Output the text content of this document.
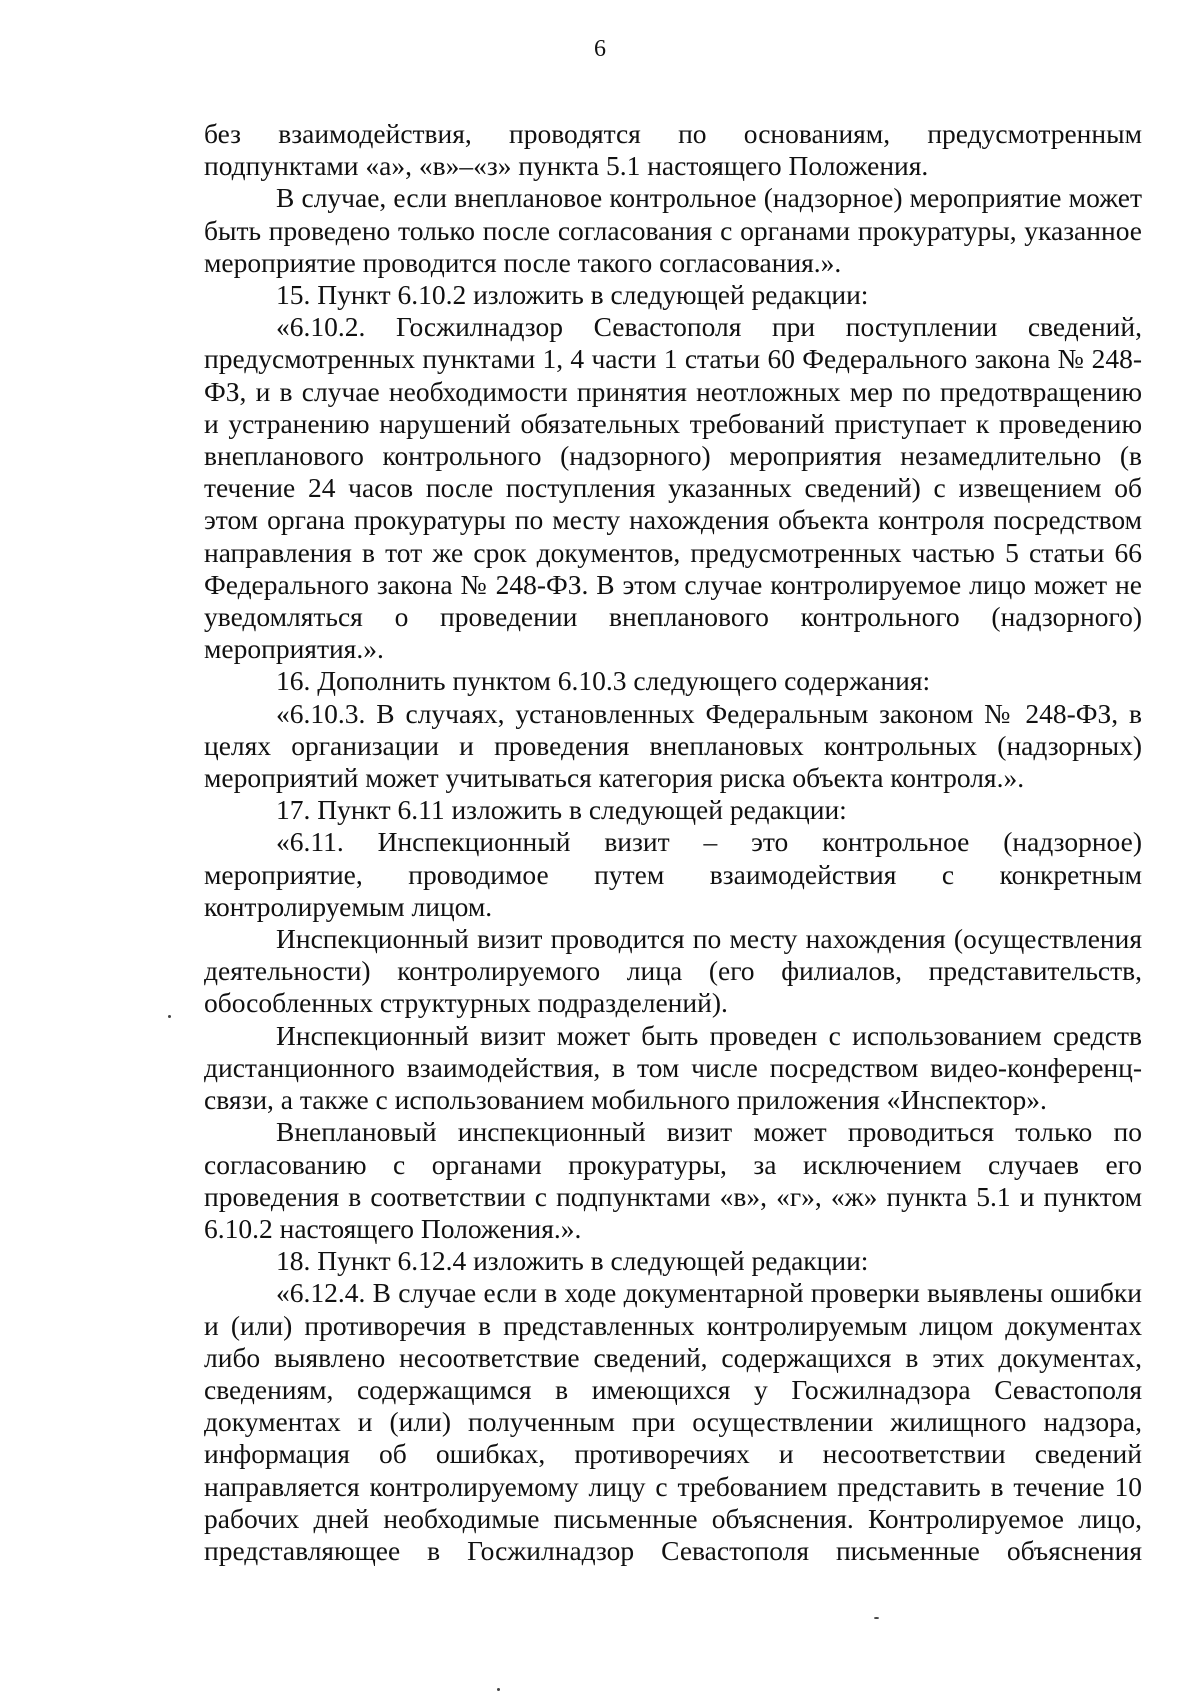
6

без взаимодействия, проводятся по основаниям, предусмотренным подпунктами «а», «в»–«з» пункта 5.1 настоящего Положения.

В случае, если внеплановое контрольное (надзорное) мероприятие может быть проведено только после согласования с органами прокуратуры, указанное мероприятие проводится после такого согласования.».

15. Пункт 6.10.2 изложить в следующей редакции:

«6.10.2. Госжилнадзор Севастополя при поступлении сведений, предусмотренных пунктами 1, 4 части 1 статьи 60 Федерального закона № 248-ФЗ, и в случае необходимости принятия неотложных мер по предотвращению и устранению нарушений обязательных требований приступает к проведению внепланового контрольного (надзорного) мероприятия незамедлительно (в течение 24 часов после поступления указанных сведений) с извещением об этом органа прокуратуры по месту нахождения объекта контроля посредством направления в тот же срок документов, предусмотренных частью 5 статьи 66 Федерального закона № 248-ФЗ. В этом случае контролируемое лицо может не уведомляться о проведении внепланового контрольного (надзорного) мероприятия.».

16. Дополнить пунктом 6.10.3 следующего содержания:

«6.10.3. В случаях, установленных Федеральным законом № 248-ФЗ, в целях организации и проведения внеплановых контрольных (надзорных) мероприятий может учитываться категория риска объекта контроля.».

17. Пункт 6.11 изложить в следующей редакции:

«6.11. Инспекционный визит – это контрольное (надзорное) мероприятие, проводимое путем взаимодействия с конкретным контролируемым лицом.

Инспекционный визит проводится по месту нахождения (осуществления деятельности) контролируемого лица (его филиалов, представительств, обособленных структурных подразделений).

Инспекционный визит может быть проведен с использованием средств дистанционного взаимодействия, в том числе посредством видео-конференц-связи, а также с использованием мобильного приложения «Инспектор».

Внеплановый инспекционный визит может проводиться только по согласованию с органами прокуратуры, за исключением случаев его проведения в соответствии с подпунктами «в», «г», «ж» пункта 5.1 и пунктом 6.10.2 настоящего Положения.».

18. Пункт 6.12.4 изложить в следующей редакции:

«6.12.4. В случае если в ходе документарной проверки выявлены ошибки и (или) противоречия в представленных контролируемым лицом документах либо выявлено несоответствие сведений, содержащихся в этих документах, сведениям, содержащимся в имеющихся у Госжилнадзора Севастополя документах и (или) полученным при осуществлении жилищного надзора, информация об ошибках, противоречиях и несоответствии сведений направляется контролируемому лицу с требованием представить в течение 10 рабочих дней необходимые письменные объяснения. Контролируемое лицо, представляющее в Госжилнадзор Севастополя письменные объяснения
